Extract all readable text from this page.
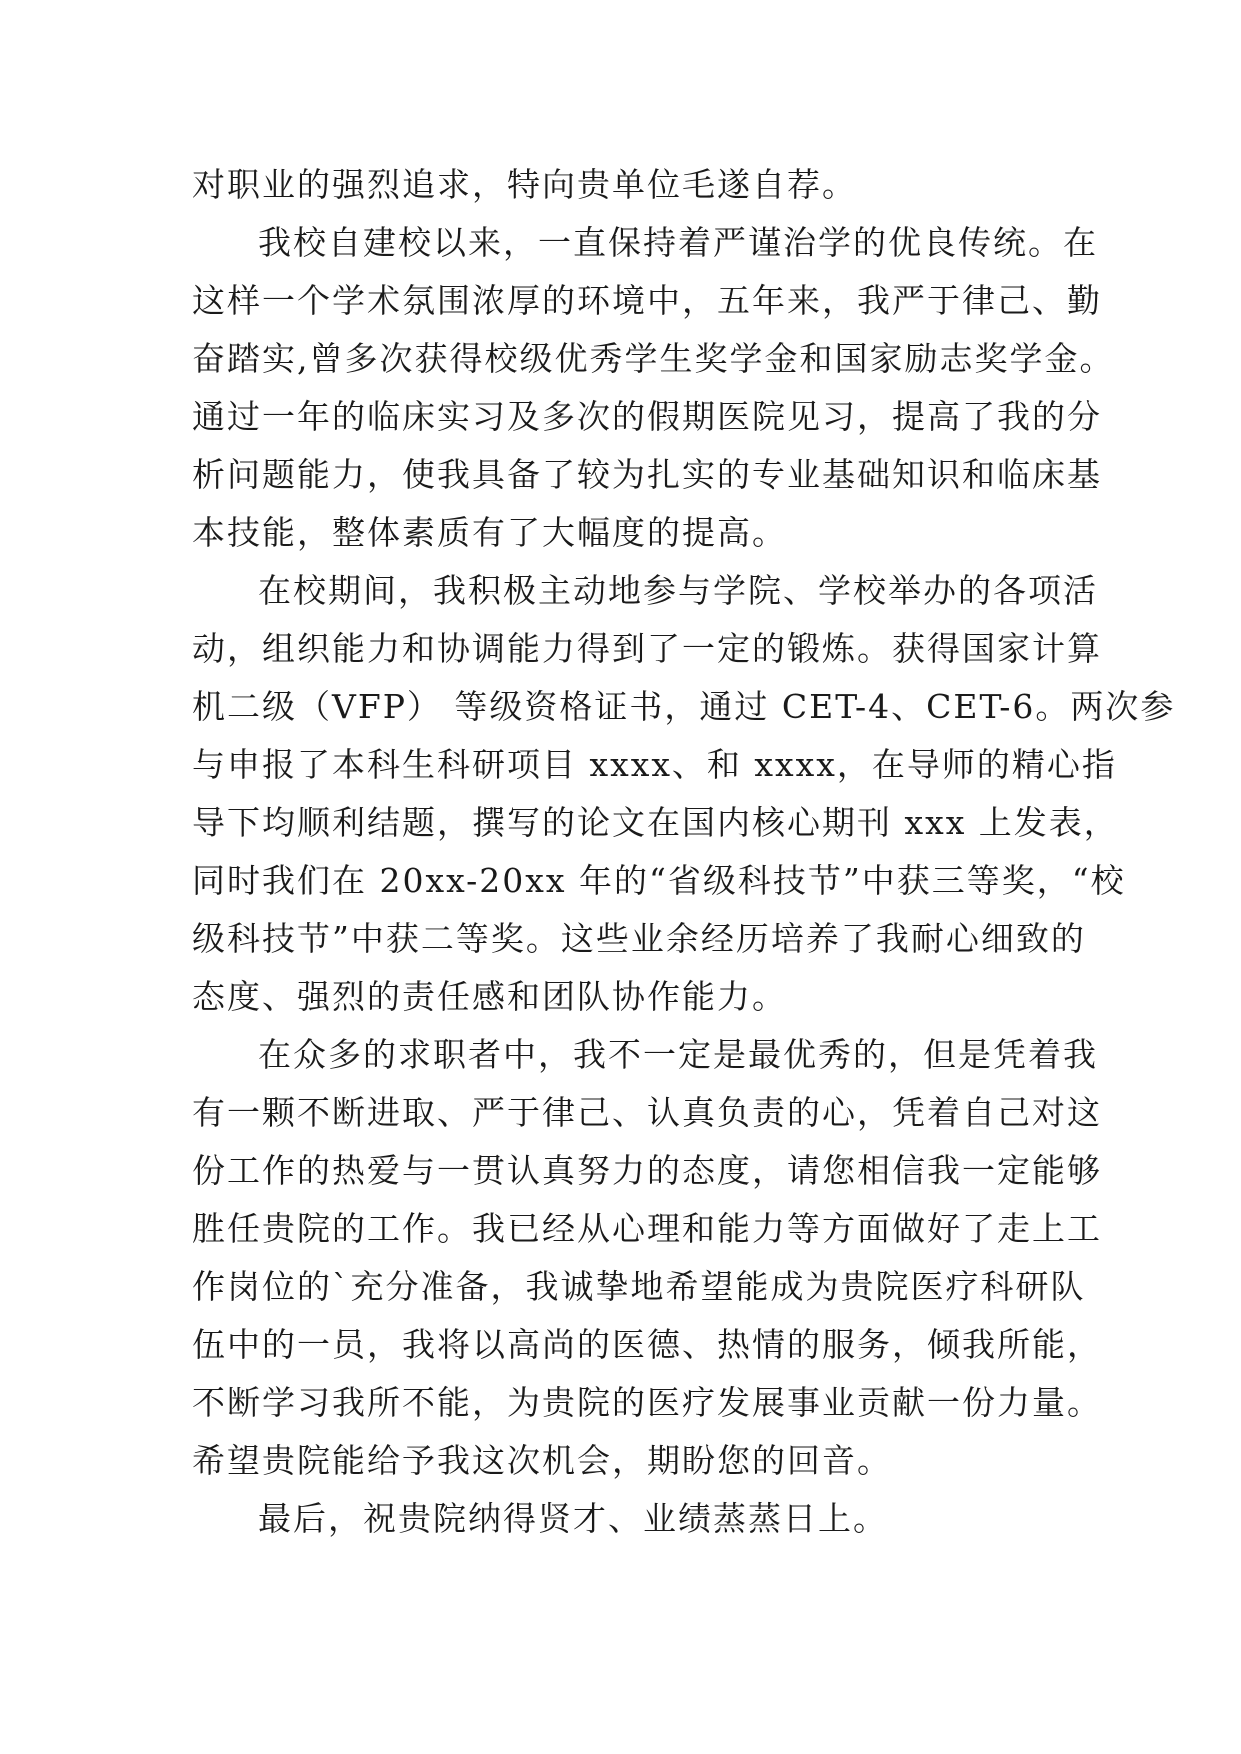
对职业的强烈追求，特向贵单位毛遂自荐。
我校自建校以来，一直保持着严谨治学的优良传统。在
这样一个学术氛围浓厚的环境中，五年来，我严于律己、勤
奋踏实,曾多次获得校级优秀学生奖学金和国家励志奖学金。
通过一年的临床实习及多次的假期医院见习，提高了我的分
析问题能力，使我具备了较为扎实的专业基础知识和临床基
本技能，整体素质有了大幅度的提高。
在校期间，我积极主动地参与学院、学校举办的各项活
动，组织能力和协调能力得到了一定的锻炼。获得国家计算
机二级（VFP） 等级资格证书，通过 CET-4、CET-6。两次参
与申报了本科生科研项目 xxxx、和 xxxx，在导师的精心指
导下均顺利结题，撰写的论文在国内核心期刊 xxx 上发表，
同时我们在 20xx-20xx 年的“省级科技节”中获三等奖，“校
级科技节”中获二等奖。这些业余经历培养了我耐心细致的
态度、强烈的责任感和团队协作能力。
在众多的求职者中，我不一定是最优秀的，但是凭着我
有一颗不断进取、严于律己、认真负责的心，凭着自己对这
份工作的热爱与一贯认真努力的态度，请您相信我一定能够
胜任贵院的工作。我已经从心理和能力等方面做好了走上工
作岗位的`充分准备，我诚挚地希望能成为贵院医疗科研队
伍中的一员，我将以高尚的医德、热情的服务，倾我所能，
不断学习我所不能，为贵院的医疗发展事业贡献一份力量。
希望贵院能给予我这次机会，期盼您的回音。
最后，祝贵院纳得贤才、业绩蒸蒸日上。
